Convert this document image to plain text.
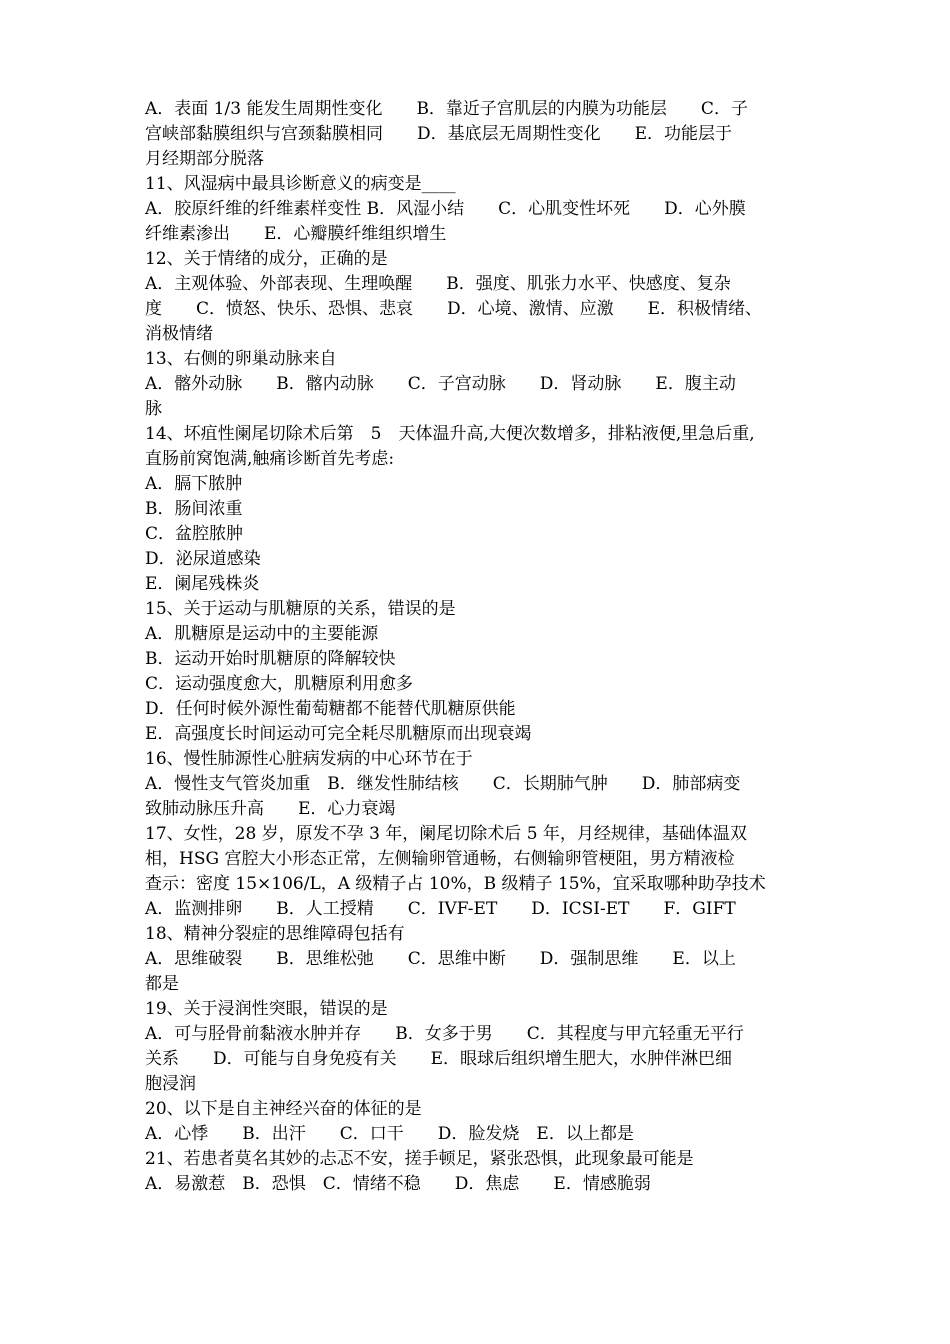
A．表面 1/3 能发生周期性变化　　B．靠近子宫肌层的内膜为功能层　　C．子
宫峡部黏膜组织与宫颈黏膜相同　　D．基底层无周期性变化　　E．功能层于
月经期部分脱落
11、风湿病中最具诊断意义的病变是____
A．胶原纤维的纤维素样变性 B．风湿小结　　C．心肌变性坏死　　D．心外膜
纤维素渗出　　E．心瓣膜纤维组织增生
12、关于情绪的成分，正确的是
A．主观体验、外部表现、生理唤醒　　B．强度、肌张力水平、快感度、复杂
度　　C．愤怒、快乐、恐惧、悲哀　　D．心境、激情、应激　　E．积极情绪、
消极情绪
13、右侧的卵巢动脉来自
A．髂外动脉　　B．髂内动脉　　C．子宫动脉　　D．肾动脉　　E．腹主动
脉
14、坏疽性阑尾切除术后第　5　天体温升高,大便次数增多，排粘液便,里急后重,
直肠前窝饱满,触痛诊断首先考虑:
A．膈下脓肿
B．肠间浓重
C．盆腔脓肿
D．泌尿道感染
E．阑尾残株炎
15、关于运动与肌糖原的关系，错误的是
A．肌糖原是运动中的主要能源
B．运动开始时肌糖原的降解较快
C．运动强度愈大，肌糖原利用愈多
D．任何时候外源性葡萄糖都不能替代肌糖原供能
E．高强度长时间运动可完全耗尽肌糖原而出现衰竭
16、慢性肺源性心脏病发病的中心环节在于
A．慢性支气管炎加重　B．继发性肺结核　　C．长期肺气肿　　D．肺部病变
致肺动脉压升高　　E．心力衰竭
17、女性，28 岁，原发不孕 3 年，阑尾切除术后 5 年，月经规律，基础体温双
相，HSG 宫腔大小形态正常，左侧输卵管通畅，右侧输卵管梗阻，男方精液检
查示：密度 15×106/L，A 级精子占 10%，B 级精子 15%，宜采取哪种助孕技术
A．监测排卵　　B．人工授精　　C．IVF-ET　　D．ICSI-ET　　F．GIFT
18、精神分裂症的思维障碍包括有
A．思维破裂　　B．思维松弛　　C．思维中断　　D．强制思维　　E．以上
都是
19、关于浸润性突眼，错误的是
A．可与胫骨前黏液水肿并存　　B．女多于男　　C．其程度与甲亢轻重无平行
关系　　D．可能与自身免疫有关　　E．眼球后组织增生肥大，水肿伴淋巴细
胞浸润
20、以下是自主神经兴奋的体征的是
A．心悸　　B．出汗　　C．口干　　D．脸发烧　E．以上都是
21、若患者莫名其妙的忐忑不安，搓手顿足，紧张恐惧，此现象最可能是
A．易激惹　B．恐惧　C．情绪不稳　　D．焦虑　　E．情感脆弱
